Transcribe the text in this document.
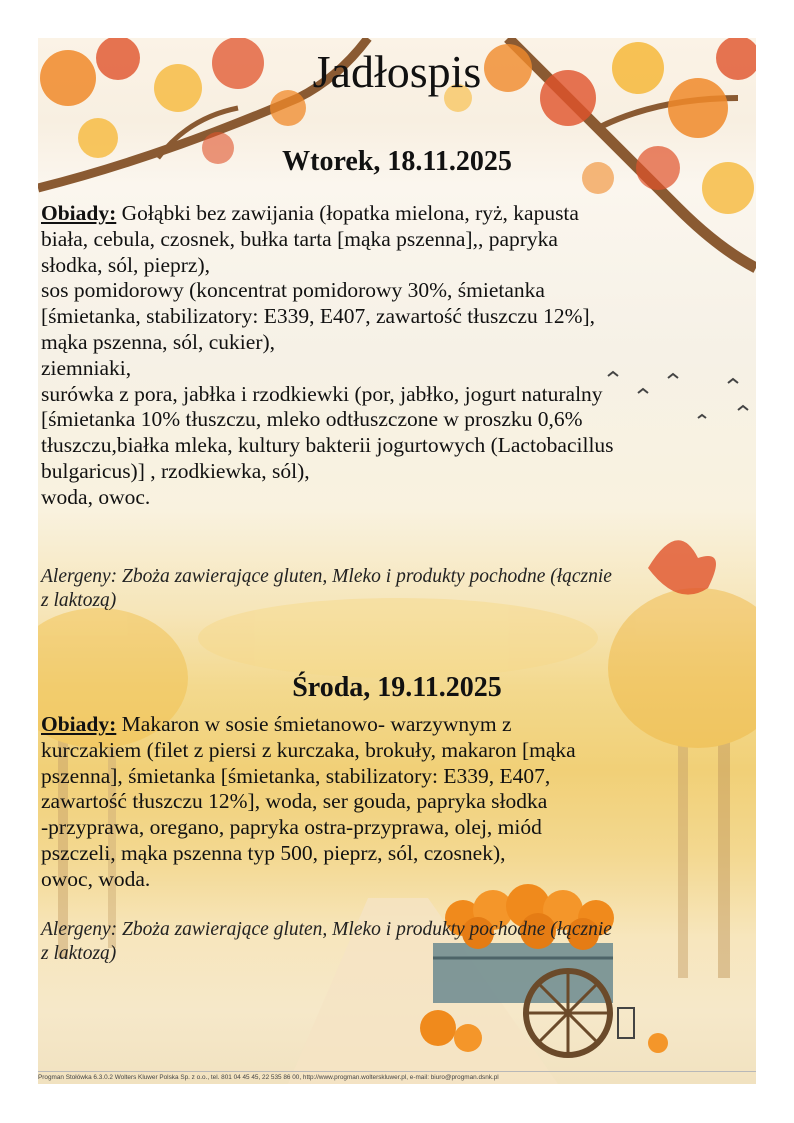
Jadłospis
Wtorek, 18.11.2025
Obiady: Gołąbki bez zawijania (łopatka mielona, ryż, kapusta
biała, cebula, czosnek, bułka tarta [mąka pszenna],, papryka
słodka, sól, pieprz),
sos pomidorowy (koncentrat pomidorowy 30%, śmietanka
[śmietanka, stabilizatory: E339, E407, zawartość tłuszczu 12%],
mąka pszenna, sól, cukier),
ziemniaki,
surówka z pora, jabłka i rzodkiewki (por, jabłko, jogurt naturalny
[śmietanka 10% tłuszczu, mleko odtłuszczone w proszku 0,6%
tłuszczu,białka mleka, kultury bakterii jogurtowych (Lactobacillus
bulgaricus)] , rzodkiewka, sól),
woda, owoc.
Alergeny: Zboża zawierające gluten, Mleko i produkty pochodne (łącznie
z laktozą)
Środa, 19.11.2025
Obiady: Makaron w sosie śmietanowo- warzywnym z
kurczakiem (filet z piersi z kurczaka, brokuły, makaron [mąka
pszenna], śmietanka [śmietanka, stabilizatory: E339, E407,
zawartość tłuszczu 12%], woda, ser gouda, papryka słodka
-przyprawa, oregano, papryka ostra-przyprawa, olej, miód
pszczeli, mąka pszenna typ 500, pieprz, sól, czosnek),
owoc, woda.
Alergeny: Zboża zawierające gluten, Mleko i produkty pochodne (łącznie
z laktozą)
Progman Stołówka 6.3.0.2 Wolters Kluwer Polska Sp. z o.o., tel. 801 04 45 45, 22 535 86 00, http://www.progman.wolterskluwer.pl, e-mail: biuro@progman.dsnk.pl
